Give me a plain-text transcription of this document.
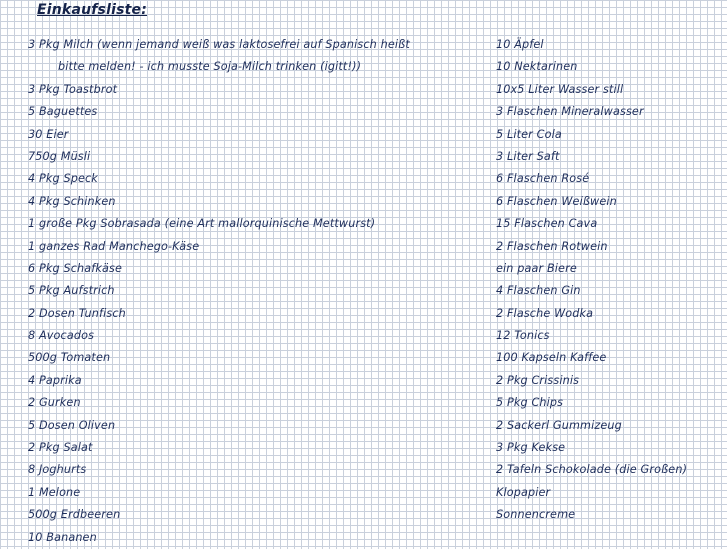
Einkaufsliste:
3 Pkg Milch (wenn jemand weiß was laktosefrei auf Spanisch heißt
bitte melden! - ich musste Soja-Milch trinken (igitt!))
3 Pkg Toastbrot
5 Baguettes
30 Eier
750g Müsli
4 Pkg Speck
4 Pkg Schinken
1 große Pkg Sobrasada (eine Art mallorquinische Mettwurst)
1 ganzes Rad Manchego-Käse
6 Pkg Schafkäse
5 Pkg Aufstrich
2 Dosen Tunfisch
8 Avocados
500g Tomaten
4 Paprika
2 Gurken
5 Dosen Oliven
2 Pkg Salat
8 Joghurts
1 Melone
500g Erdbeeren
10 Bananen
10 Äpfel
10 Nektarinen
10x5 Liter Wasser still
3 Flaschen Mineralwasser
5 Liter Cola
3 Liter Saft
6 Flaschen Rosé
6 Flaschen Weißwein
15 Flaschen Cava
2 Flaschen Rotwein
ein paar Biere
4 Flaschen Gin
2 Flasche Wodka
12 Tonics
100 Kapseln Kaffee
2 Pkg Crissinis
5 Pkg Chips
2 Sackerl Gummizeug
3 Pkg Kekse
2 Tafeln Schokolade (die Großen)
Klopapier
Sonnencreme
